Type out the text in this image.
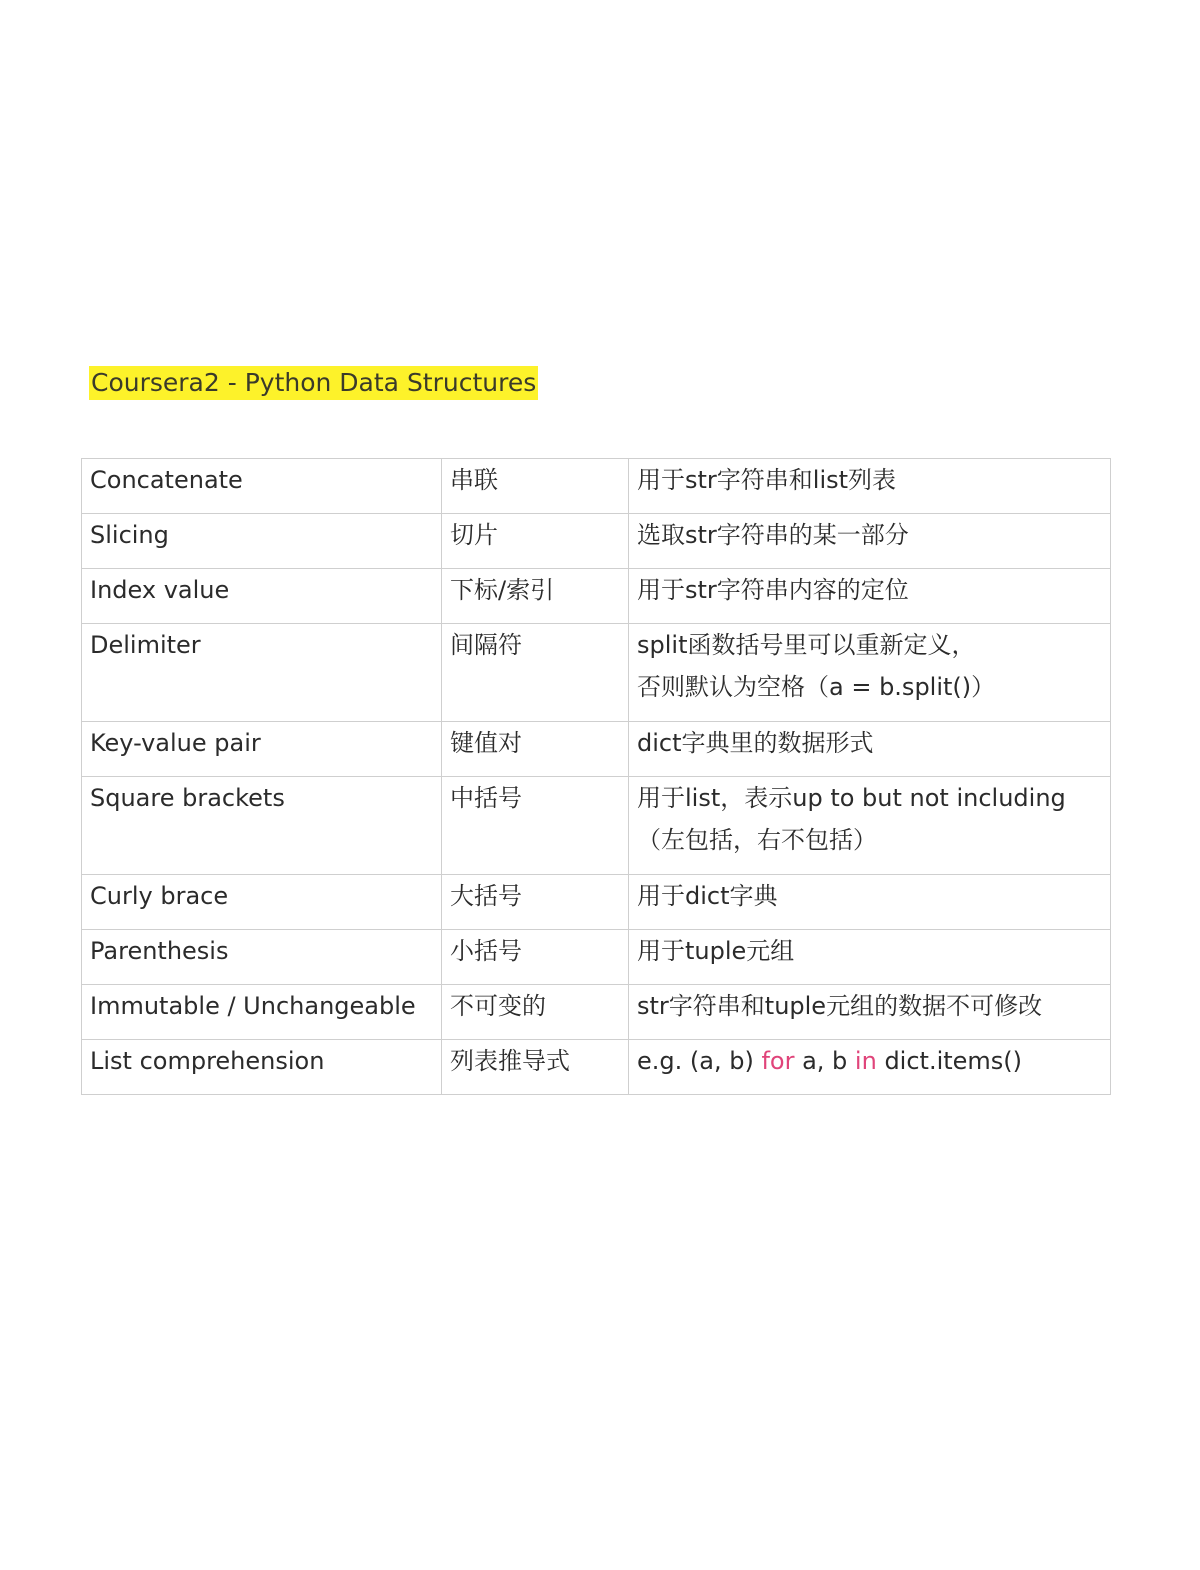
Coursera2 - Python Data Structures
Concatenate	串联	用于str字符串和list列表
Slicing	切片	选取str字符串的某一部分
Index value	下标/索引	用于str字符串内容的定位
Delimiter	间隔符	split函数括号里可以重新定义，
否则默认为空格（a = b.split()）

Key-value pair	键值对	dict字典里的数据形式
Square brackets	中括号	用于list，表示up to but not including
（左包括，右不包括）

Curly brace	大括号	用于dict字典
Parenthesis	小括号	用于tuple元组
Immutable / Unchangeable	不可变的	str字符串和tuple元组的数据不可修改
List comprehension	列表推导式	e.g. (a, b) for a, b in dict.items()
